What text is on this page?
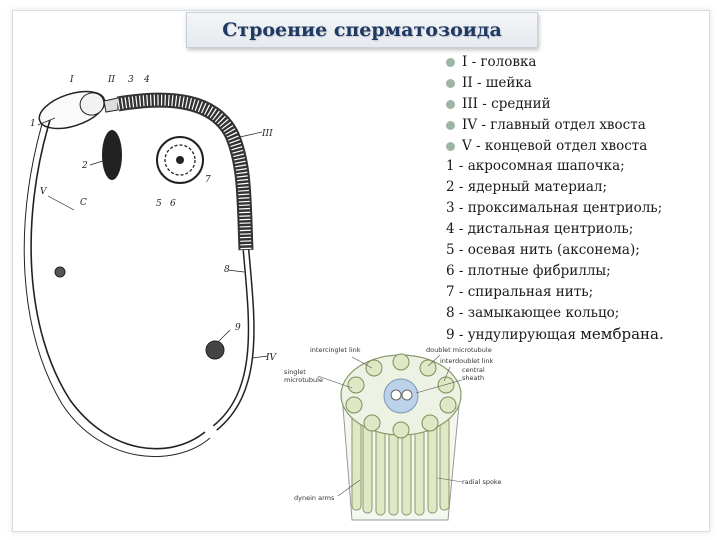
Строение сперматозоида
I	II 3 4
1
2
III
7
5 6
V
C
8
9
IV
intercinglet link	doublet microtubule
interdoublet link
central
sheath
singlet
microtubule
radial spoke
dynein arms
I - головка
II - шейка
III - средний
IV - главный отдел хвоста
V - концевой отдел хвоста
1 - акросомная шапочка;
2 - ядерный материал;
3 - проксимальная центриоль;
4 - дистальная центриоль;
5 - осевая нить (аксонема);
6 - плотные фибриллы;
7 - спиральная нить;
8 - замыкающее кольцо;
9 - ундулирующая мембрана.
